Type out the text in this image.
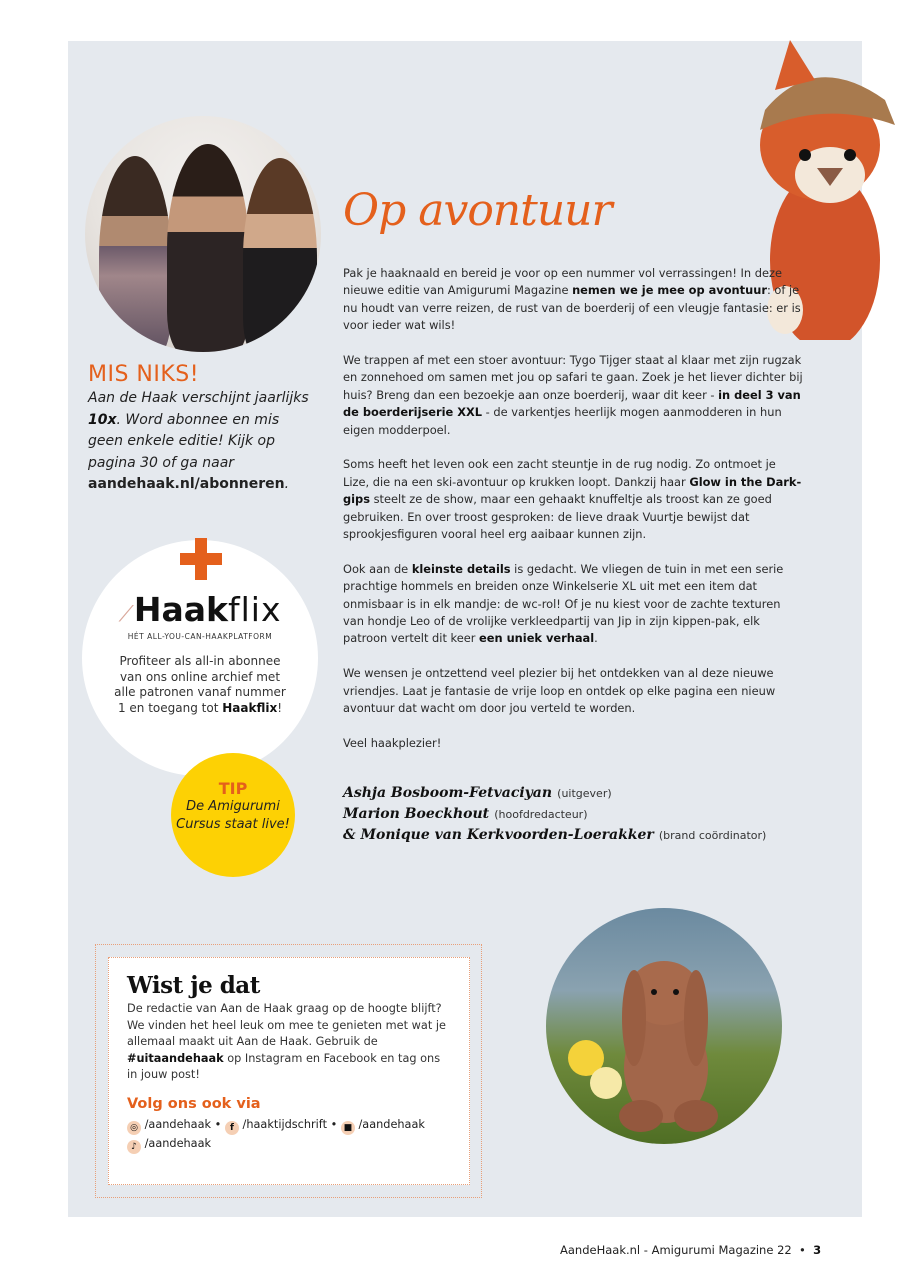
Op avontuur

Pak je haaknaald en bereid je voor op een nummer vol verrassingen! In deze nieuwe editie van Amigurumi Magazine nemen we je mee op avontuur: of je nu houdt van verre reizen, de rust van de boerderij of een vleugje fantasie: er is voor ieder wat wils!

We trappen af met een stoer avontuur: Tygo Tijger staat al klaar met zijn rugzak en zonnehoed om samen met jou op safari te gaan. Zoek je het liever dichter bij huis? Breng dan een bezoekje aan onze boerderij, waar dit keer - in deel 3 van de boerderijserie XXL - de varkentjes heerlijk mogen aanmodderen in hun eigen modderpoel.

Soms heeft het leven ook een zacht steuntje in de rug nodig. Zo ontmoet je Lize, die na een ski-avontuur op krukken loopt. Dankzij haar Glow in the Dark-gips steelt ze de show, maar een gehaakt knuffeltje als troost kan ze goed gebruiken. En over troost gesproken: de lieve draak Vuurtje bewijst dat sprookjesfiguren vooral heel erg aaibaar kunnen zijn.

Ook aan de kleinste details is gedacht. We vliegen de tuin in met een serie prachtige hommels en breiden onze Winkelserie XL uit met een item dat onmisbaar is in elk mandje: de wc-rol! Of je nu kiest voor de zachte texturen van hondje Leo of de vrolijke verkleedpartij van Jip in zijn kippen-pak, elk patroon vertelt dit keer een uniek verhaal.

We wensen je ontzettend veel plezier bij het ontdekken van al deze nieuwe vriendjes. Laat je fantasie de vrije loop en ontdek op elke pagina een nieuw avontuur dat wacht om door jou verteld te worden.

Veel haakplezier!

Ashja Bosboom-Fetvaciyan (uitgever)
Marion Boeckhout (hoofdredacteur)
& Monique van Kerkvoorden-Loerakker (brand coördinator)
MIS NIKS!
Aan de Haak verschijnt jaarlijks 10x. Word abonnee en mis geen enkele editie! Kijk op pagina 30 of ga naar aandehaak.nl/abonneren.
⟋Haakflix
HÉT ALL-YOU-CAN-HAAKPLATFORM
Profiteer als all-in abonnee van ons online archief met alle patronen vanaf nummer 1 en toegang tot Haakflix!
TIP
De Amigurumi Cursus staat live!
Wist je dat
De redactie van Aan de Haak graag op de hoogte blijft? We vinden het heel leuk om mee te genieten met wat je allemaal maakt uit Aan de Haak. Gebruik de #uitaandehaak op Instagram en Facebook en tag ons in jouw post!
Volg ons ook via
◎ /aandehaak • f /haaktijdschrift • ■ /aandehaak
♪ /aandehaak
AandeHaak.nl - Amigurumi Magazine 22 • 3
